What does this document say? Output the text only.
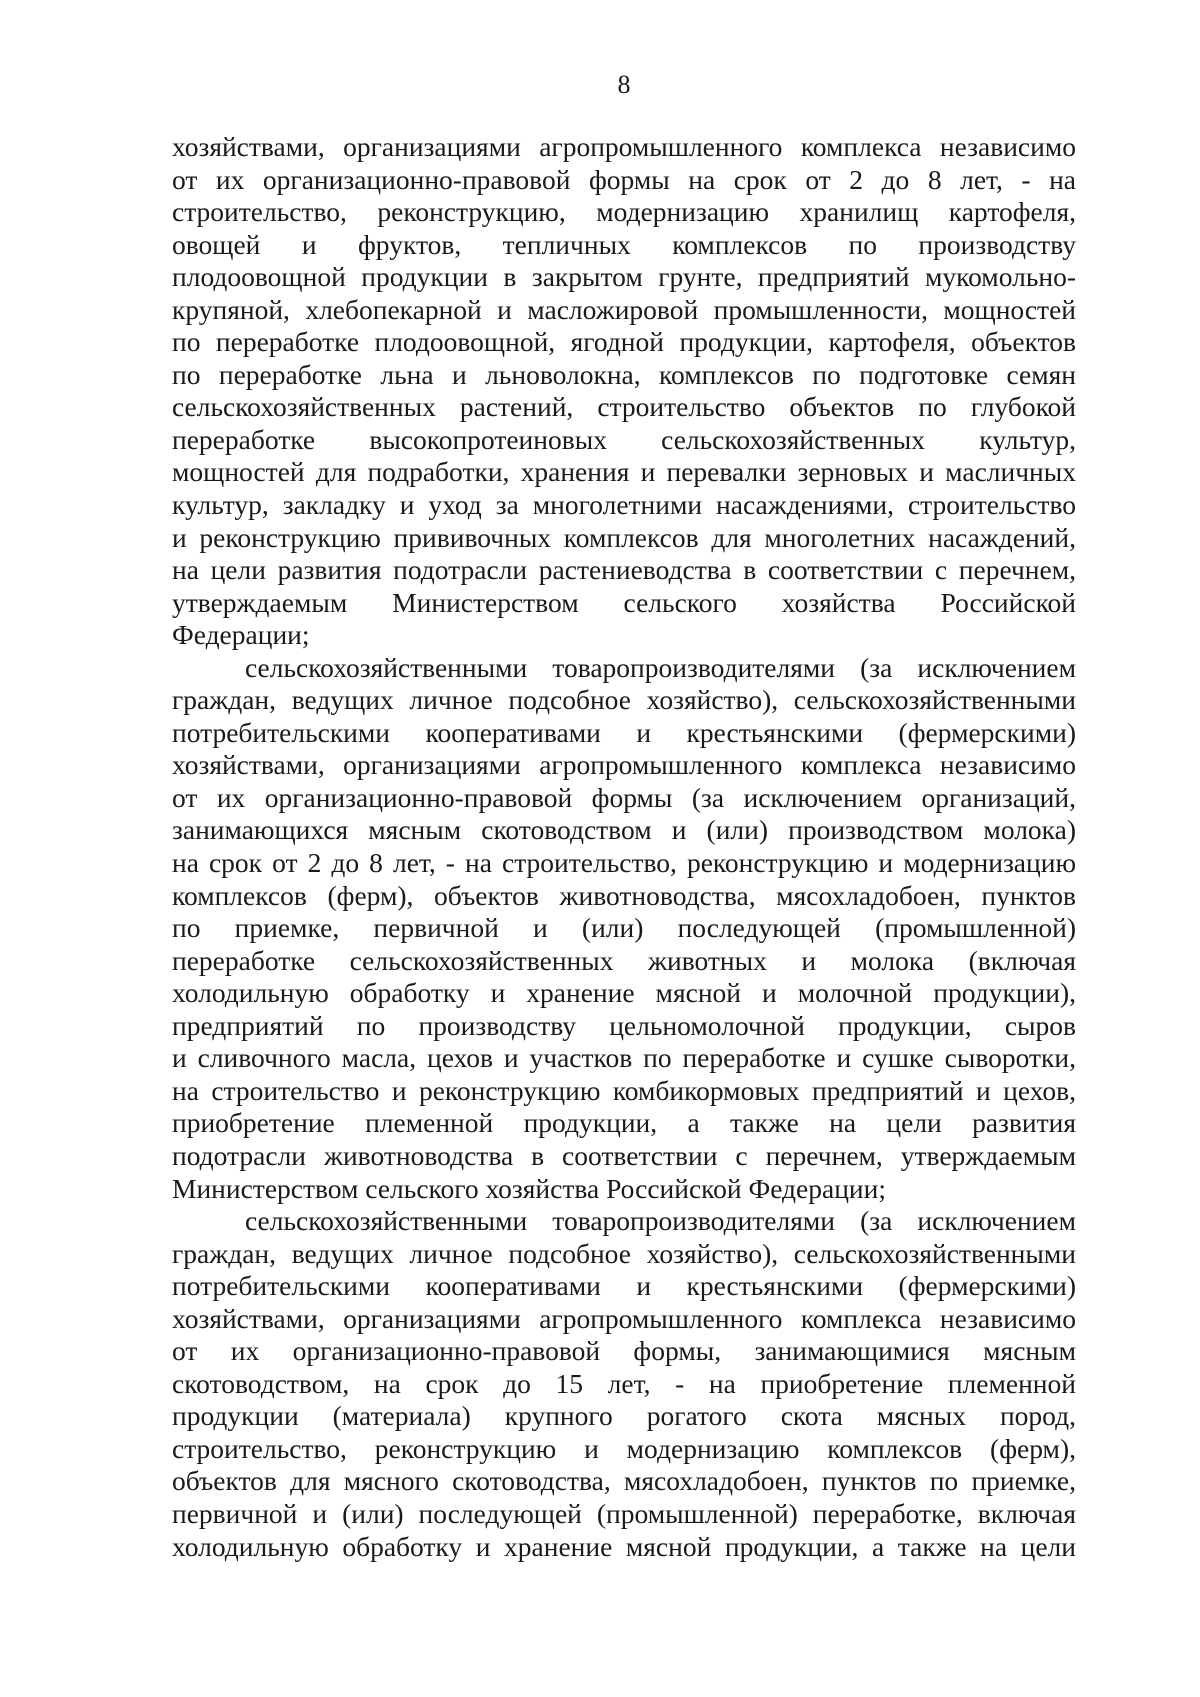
8
хозяйствами, организациями агропромышленного комплекса независимо
от их организационно-правовой формы на срок от 2 до 8 лет, - на
строительство, реконструкцию, модернизацию хранилищ картофеля,
овощей и фруктов, тепличных комплексов по производству
плодоовощной продукции в закрытом грунте, предприятий мукомольно-
крупяной, хлебопекарной и масложировой промышленности, мощностей
по переработке плодоовощной, ягодной продукции, картофеля, объектов
по переработке льна и льноволокна, комплексов по подготовке семян
сельскохозяйственных растений, строительство объектов по глубокой
переработке высокопротеиновых сельскохозяйственных культур,
мощностей для подработки, хранения и перевалки зерновых и масличных
культур, закладку и уход за многолетними насаждениями, строительство
и реконструкцию прививочных комплексов для многолетних насаждений,
на цели развития подотрасли растениеводства в соответствии с перечнем,
утверждаемым Министерством сельского хозяйства Российской
Федерации;
сельскохозяйственными товаропроизводителями (за исключением
граждан, ведущих личное подсобное хозяйство), сельскохозяйственными
потребительскими кооперативами и крестьянскими (фермерскими)
хозяйствами, организациями агропромышленного комплекса независимо
от их организационно-правовой формы (за исключением организаций,
занимающихся мясным скотоводством и (или) производством молока)
на срок от 2 до 8 лет, - на строительство, реконструкцию и модернизацию
комплексов (ферм), объектов животноводства, мясохладобоен, пунктов
по приемке, первичной и (или) последующей (промышленной)
переработке сельскохозяйственных животных и молока (включая
холодильную обработку и хранение мясной и молочной продукции),
предприятий по производству цельномолочной продукции, сыров
и сливочного масла, цехов и участков по переработке и сушке сыворотки,
на строительство и реконструкцию комбикормовых предприятий и цехов,
приобретение племенной продукции, а также на цели развития
подотрасли животноводства в соответствии с перечнем, утверждаемым
Министерством сельского хозяйства Российской Федерации;
сельскохозяйственными товаропроизводителями (за исключением
граждан, ведущих личное подсобное хозяйство), сельскохозяйственными
потребительскими кооперативами и крестьянскими (фермерскими)
хозяйствами, организациями агропромышленного комплекса независимо
от их организационно-правовой формы, занимающимися мясным
скотоводством, на срок до 15 лет, - на приобретение племенной
продукции (материала) крупного рогатого скота мясных пород,
строительство, реконструкцию и модернизацию комплексов (ферм),
объектов для мясного скотоводства, мясохладобоен, пунктов по приемке,
первичной и (или) последующей (промышленной) переработке, включая
холодильную обработку и хранение мясной продукции, а также на цели
